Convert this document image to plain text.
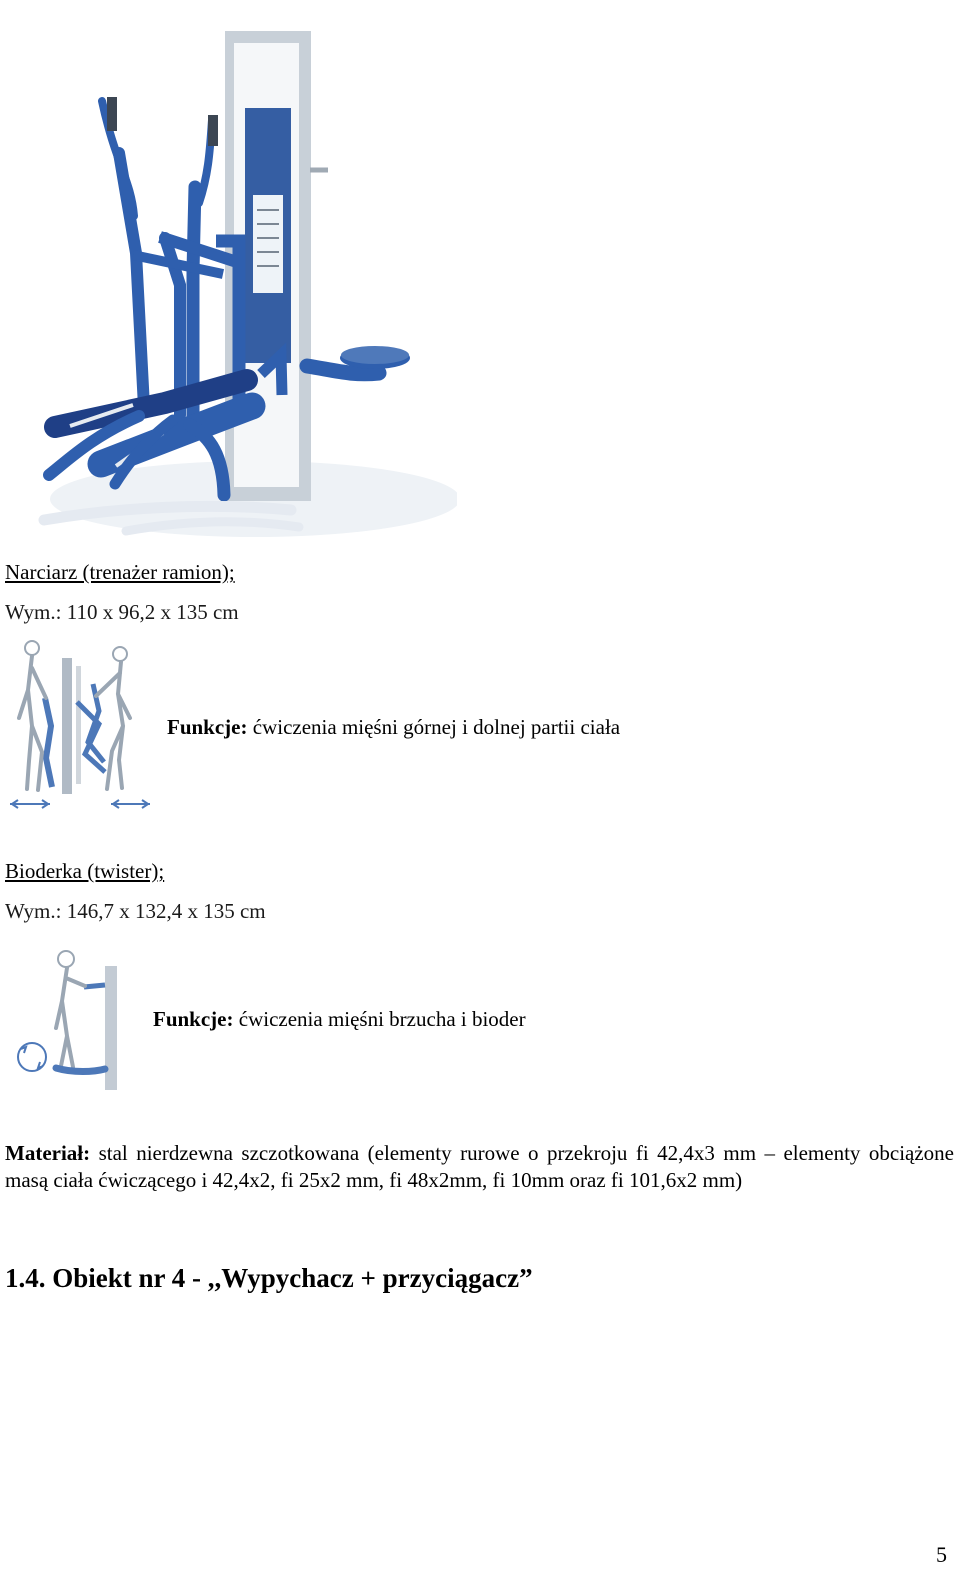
Narciarz (trenażer ramion);
Wym.: 110 x 96,2 x 135 cm
Funkcje: ćwiczenia mięśni górnej i dolnej partii ciała
Bioderka (twister);
Wym.: 146,7 x 132,4 x 135 cm
Funkcje: ćwiczenia mięśni brzucha i bioder
Materiał: stal nierdzewna szczotkowana (elementy rurowe o przekroju fi 42,4x3 mm – elementy obciążone masą ciała ćwiczącego i 42,4x2, fi 25x2 mm, fi 48x2mm, fi 10mm oraz fi 101,6x2 mm)
1.4. Obiekt nr 4 - ,,Wypychacz + przyciągacz”
5
